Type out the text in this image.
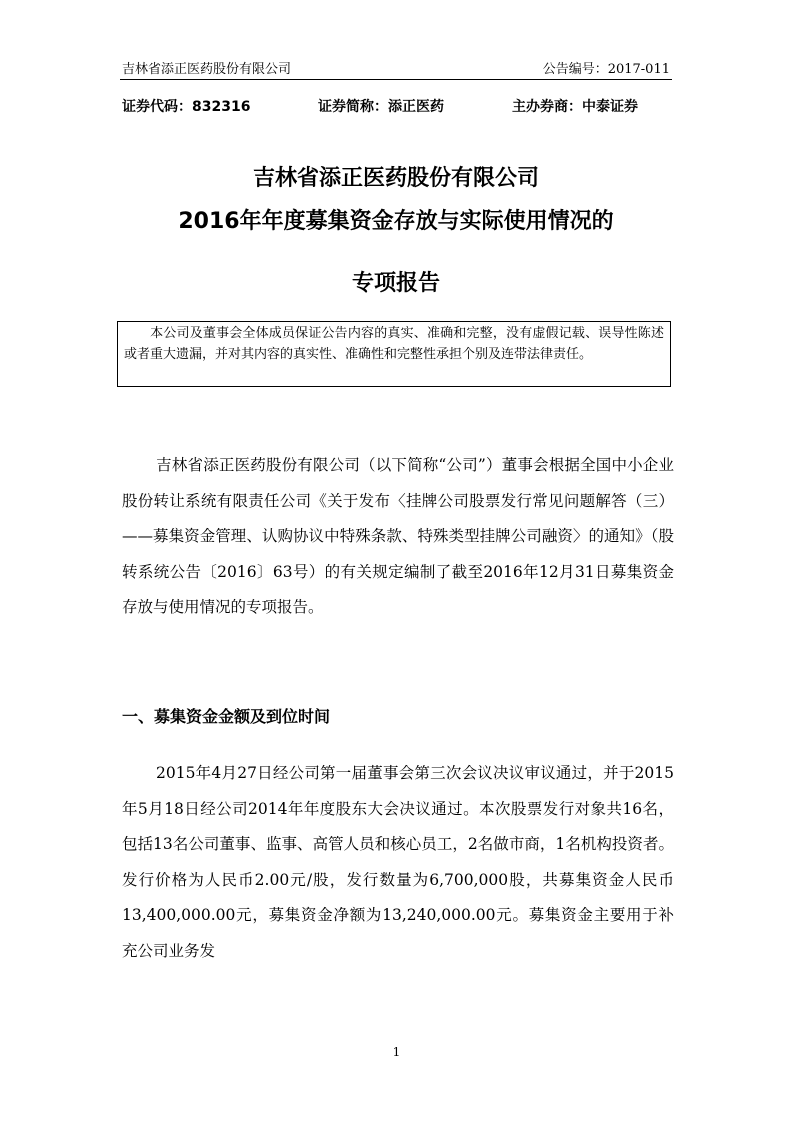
吉林省添正医药股份有限公司	公告编号：2017-011
证券代码：832316	证券简称：添正医药	主办券商：中泰证券
吉林省添正医药股份有限公司
2016年年度募集资金存放与实际使用情况的
专项报告
本公司及董事会全体成员保证公告内容的真实、准确和完整，没有虚假记载、误导性陈述或者重大遗漏，并对其内容的真实性、准确性和完整性承担个别及连带法律责任。
吉林省添正医药股份有限公司（以下简称“公司”）董事会根据全国中小企业股份转让系统有限责任公司《关于发布〈挂牌公司股票发行常见问题解答（三）——募集资金管理、认购协议中特殊条款、特殊类型挂牌公司融资〉的通知》（股转系统公告〔2016〕63号）的有关规定编制了截至2016年12月31日募集资金存放与使用情况的专项报告。
一、募集资金金额及到位时间
2015年4月27日经公司第一届董事会第三次会议决议审议通过，并于2015年5月18日经公司2014年年度股东大会决议通过。本次股票发行对象共16名，包括13名公司董事、监事、高管人员和核心员工，2名做市商，1名机构投资者。发行价格为人民币2.00元/股，发行数量为6,700,000股，共募集资金人民币13,400,000.00元，募集资金净额为13,240,000.00元。募集资金主要用于补充公司业务发
1
